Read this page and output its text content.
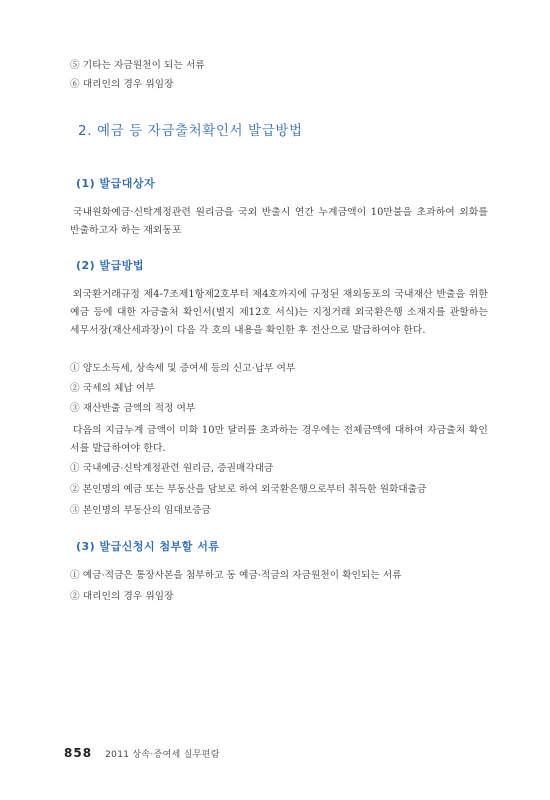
⑤ 기타는 자금원천이 되는 서류
⑥ 대리인의 경우 위임장
2. 예금 등 자금출처확인서 발급방법
(1) 발급대상자
국내원화예금·신탁계정관련 원리금을 국외 반출시 연간 누계금액이 10만불을 초과하여 외화를 반출하고자 하는 재외동포
(2) 발급방법
외국환거래규정 제4-7조제1항제2호부터 제4호까지에 규정된 재외동포의 국내재산 반출을 위한 예금 등에 대한 자금출처 확인서(별지 제12호 서식)는 지정거래 외국환은행 소재지를 관할하는 세무서장(재산세과장)이 다음 각 호의 내용을 확인한 후 전산으로 발급하여야 한다.
① 양도소득세, 상속세 및 증여세 등의 신고·납부 여부
② 국세의 체납 여부
③ 재산반출 금액의 적정 여부
다음의 지급누계 금액이 미화 10만 달러를 초과하는 경우에는 전체금액에 대하여 자금출처 확인서를 발급하여야 한다.
① 국내예금·신탁계정관련 원리금, 증권매각대금
② 본인명의 예금 또는 부동산을 담보로 하여 외국환은행으로부터 취득한 원화대출금
③ 본인명의 부동산의 임대보증금
(3) 발급신청시 첨부할 서류
① 예금·적금은 통장사본을 첨부하고 동 예금·적금의 자금원천이 확인되는 서류
② 대리인의 경우 위임장
858 2011 상속·증여세 실무편람
